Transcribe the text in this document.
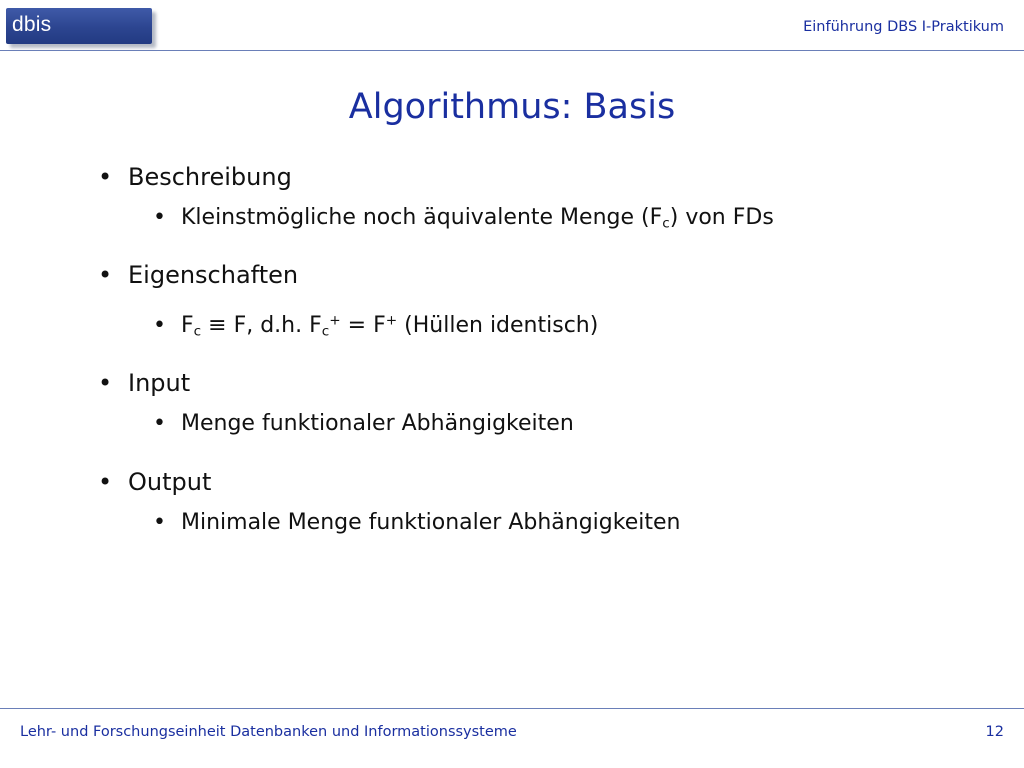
dbis	Einführung DBS I-Praktikum
Algorithmus: Basis
• Beschreibung
• Kleinstmögliche noch äquivalente Menge $(F_c)$ von FDs
• Eigenschaften
• $F_c \equiv F$, d.h. $F_c^+ = F^+$ (Hüllen identisch)
• Input
• Menge funktionaler Abhängigkeiten
• Output
• Minimale Menge funktionaler Abhängigkeiten
Lehr- und Forschungseinheit Datenbanken und Informationssysteme	12
